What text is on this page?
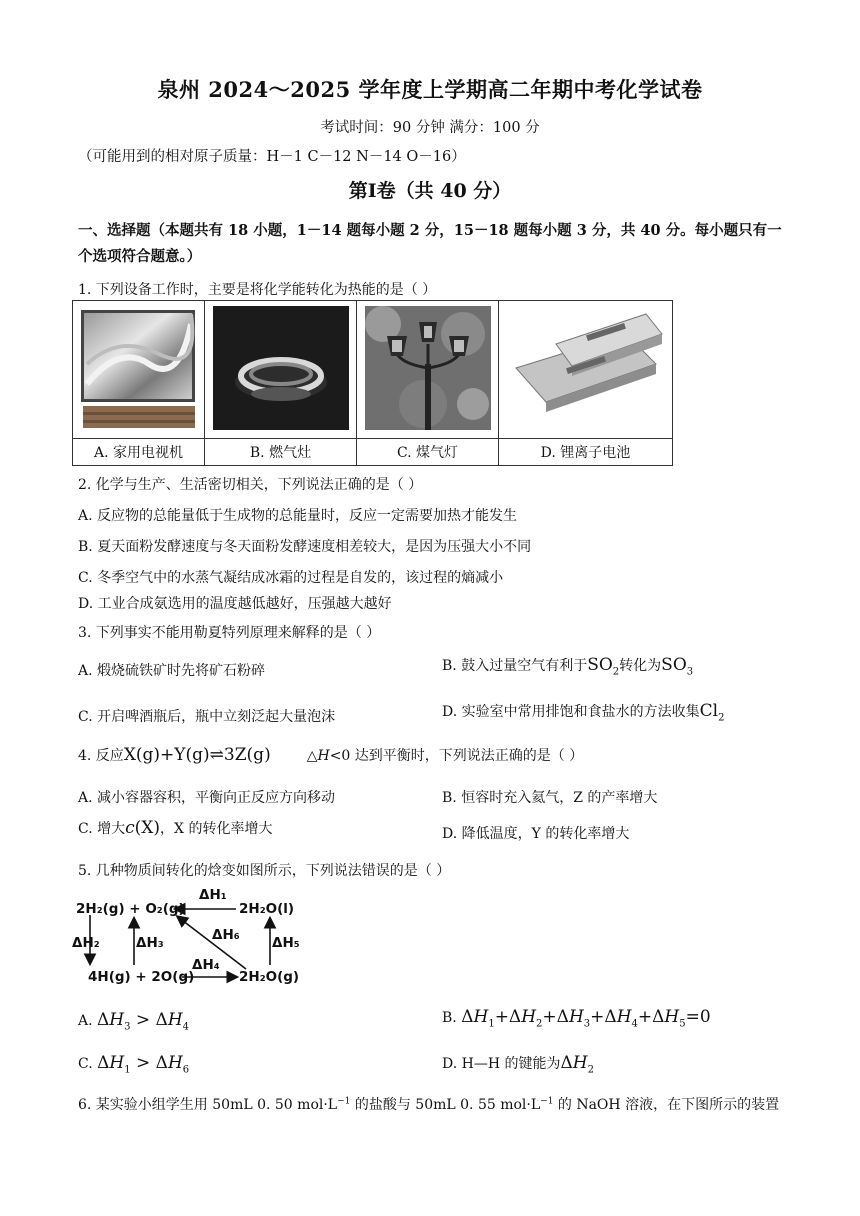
泉州 2024～2025 学年度上学期高二年期中考化学试卷
考试时间：90 分钟 满分：100 分
（可能用到的相对原子质量：H－1 C－12 N－14 O－16）
第Ⅰ卷（共 40 分）
一、选择题（本题共有 18 小题，1－14 题每小题 2 分，15－18 题每小题 3 分，共 40 分。每小题只有一个选项符合题意。）
1. 下列设备工作时，主要是将化学能转化为热能的是（ ）

A. 家用电视机	B. 燃气灶	C. 煤气灯	D. 锂离子电池
2. 化学与生产、生活密切相关，下列说法正确的是（ ）
A. 反应物的总能量低于生成物的总能量时，反应一定需要加热才能发生
B. 夏天面粉发酵速度与冬天面粉发酵速度相差较大，是因为压强大小不同
C. 冬季空气中的水蒸气凝结成冰霜的过程是自发的，该过程的熵减小
D. 工业合成氨选用的温度越低越好，压强越大越好
3. 下列事实不能用勒夏特列原理来解释的是（ ）
A. 煅烧硫铁矿时先将矿石粉碎	B. 鼓入过量空气有利于$SO_2$转化为$SO_3$
C. 开启啤酒瓶后，瓶中立刻泛起大量泡沫	D. 实验室中常用排饱和食盐水的方法收集$Cl_2$
4. 反应X(g)+Y(g)⇌3Z(g)	△H<0 达到平衡时，下列说法正确的是（ ）
A. 减小容器容积，平衡向正反应方向移动	B. 恒容时充入氦气，Z 的产率增大
C. 增大c(X)，X 的转化率增大	D. 降低温度，Y 的转化率增大
5. 几种物质间转化的焓变如图所示，下列说法错误的是（ ）
2H₂(g) + O₂(g)	2H₂O(l)
4H(g) + 2O(g)	2H₂O(g)
ΔH₁
ΔH₂	ΔH₃
ΔH₄
ΔH₅
ΔH₆
A. $\Delta H_3 > \Delta H_4$
B. $\Delta H_1+\Delta H_2+\Delta H_3+\Delta H_4+\Delta H_5=0$
C. $\Delta H_1 > \Delta H_6$	D. H—H 的键能为$\Delta H_2$
6. 某实验小组学生用 50mL 0. 50 $mol\cdot L^{-1}$ 的盐酸与 50mL 0. 55 $mol\cdot L^{-1}$ 的 NaOH 溶液，在下图所示的装置
